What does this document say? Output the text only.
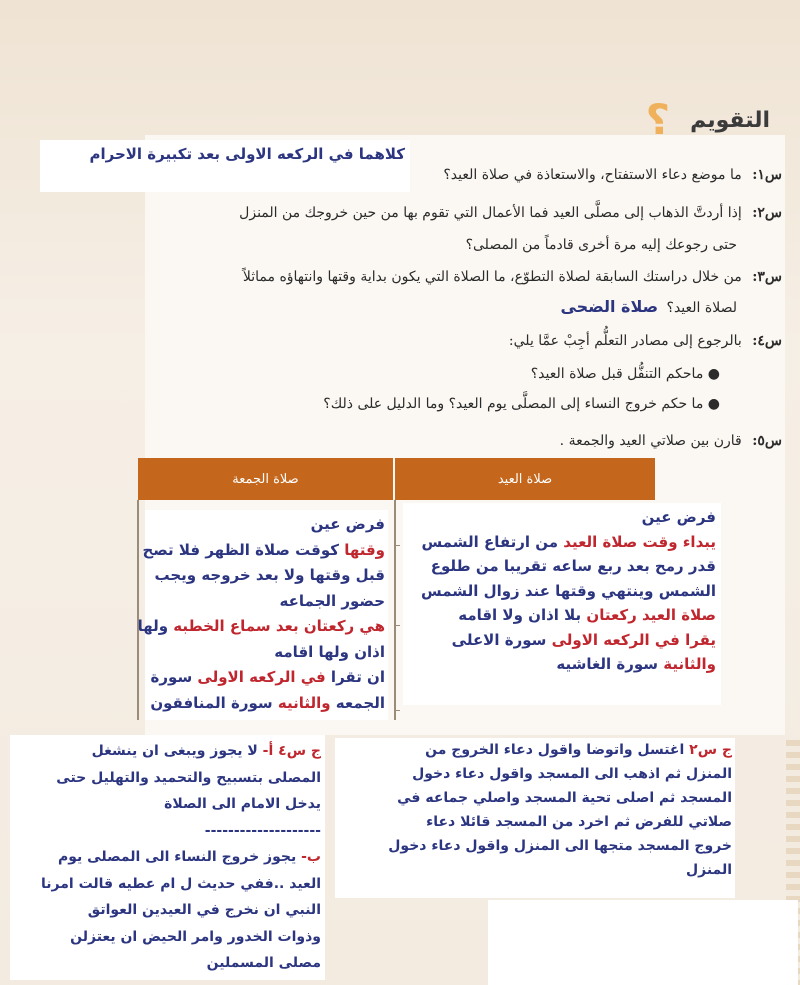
؟ التقويم
كلاهما في الركعه الاولى بعد تكبيرة الاحرام
س١: ما موضع دعاء الاستفتاح، والاستعاذة في صلاة العيد؟
س٢: إذا أردتَّ الذهاب إلى مصلَّى العيد فما الأعمال التي تقوم بها من حين خروجك من المنزل
حتى رجوعك إليه مرة أخرى قادماً من المصلى؟
س٣: من خلال دراستك السابقة لصلاة التطوّع، ما الصلاة التي يكون بداية وقتها وانتهاؤه مماثلاً
لصلاة العيد؟ صلاة الضحى
س٤: بالرجوع إلى مصادر التعلُّم أجِبْ عمَّا يلي:
● ماحكم التنفُّل قبل صلاة العيد؟
● ما حكم خروج النساء إلى المصلَّى يوم العيد؟ وما الدليل على ذلك؟
س٥: قارن بين صلاتي العيد والجمعة .
صلاة العيد
صلاة الجمعة
فرض عين
يبداء وقت صلاة العيد من ارتفاع الشمس
قدر رمح بعد ربع ساعه تقريبا من طلوع
الشمس وينتهي وقتها عند زوال الشمس
صلاة العيد ركعتان بلا اذان ولا اقامه
يقرا في الركعه الاولى سورة الاعلى
والثانية سورة الغاشيه
فرض عين
وقتها كوقت صلاة الظهر فلا تصح
قبل وقتها ولا بعد خروجه ويجب
حضور الجماعه
هي ركعتان بعد سماع الخطبه ولها
اذان ولها اقامه
ان تقرا في الركعه الاولى سورة
الجمعه والثانيه سورة المنافقون
ج س٢ اغتسل واتوضا واقول دعاء الخروج من
المنزل ثم اذهب الى المسجد واقول دعاء دخول
المسجد ثم اصلى تحية المسجد واصلي جماعه في
صلاتي للفرض ثم اخرد من المسجد قائلا دعاء
خروج المسجد متجها الى المنزل واقول دعاء دخول
المنزل
ج س٤ أ- لا يجوز ويبغى ان ينشغل
المصلى بتسبيح والتحميد والتهليل حتى
يدخل الامام الى الصلاة
--------------------
ب- يجوز خروج النساء الى المصلى يوم
العيد ..ففي حديث ل ام عطيه قالت امرنا
النبي ان نخرج في العيدين العواتق
وذوات الخدور وامر الحيض ان يعتزلن
مصلى المسملين
